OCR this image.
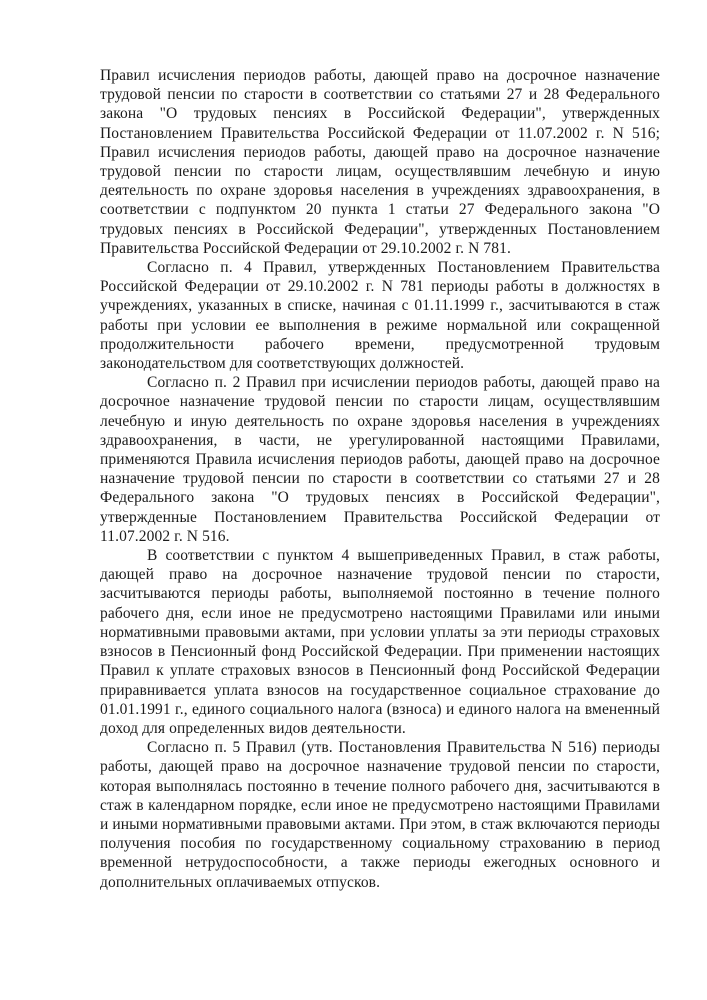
Правил исчисления периодов работы, дающей право на досрочное назначение трудовой пенсии по старости в соответствии со статьями 27 и 28 Федерального закона "О трудовых пенсиях в Российской Федерации", утвержденных Постановлением Правительства Российской Федерации от 11.07.2002 г. N 516; Правил исчисления периодов работы, дающей право на досрочное назначение трудовой пенсии по старости лицам, осуществлявшим лечебную и иную деятельность по охране здоровья населения в учреждениях здравоохранения, в соответствии с подпунктом 20 пункта 1 статьи 27 Федерального закона "О трудовых пенсиях в Российской Федерации", утвержденных Постановлением Правительства Российской Федерации от 29.10.2002 г. N 781.

Согласно п. 4 Правил, утвержденных Постановлением Правительства Российской Федерации от 29.10.2002 г. N 781 периоды работы в должностях в учреждениях, указанных в списке, начиная с 01.11.1999 г., засчитываются в стаж работы при условии ее выполнения в режиме нормальной или сокращенной продолжительности рабочего времени, предусмотренной трудовым законодательством для соответствующих должностей.

Согласно п. 2 Правил при исчислении периодов работы, дающей право на досрочное назначение трудовой пенсии по старости лицам, осуществлявшим лечебную и иную деятельность по охране здоровья населения в учреждениях здравоохранения, в части, не урегулированной настоящими Правилами, применяются Правила исчисления периодов работы, дающей право на досрочное назначение трудовой пенсии по старости в соответствии со статьями 27 и 28 Федерального закона "О трудовых пенсиях в Российской Федерации", утвержденные Постановлением Правительства Российской Федерации от 11.07.2002 г. N 516.

В соответствии с пунктом 4 вышеприведенных Правил, в стаж работы, дающей право на досрочное назначение трудовой пенсии по старости, засчитываются периоды работы, выполняемой постоянно в течение полного рабочего дня, если иное не предусмотрено настоящими Правилами или иными нормативными правовыми актами, при условии уплаты за эти периоды страховых взносов в Пенсионный фонд Российской Федерации. При применении настоящих Правил к уплате страховых взносов в Пенсионный фонд Российской Федерации приравнивается уплата взносов на государственное социальное страхование до 01.01.1991 г., единого социального налога (взноса) и единого налога на вмененный доход для определенных видов деятельности.

Согласно п. 5 Правил (утв. Постановления Правительства N 516) периоды работы, дающей право на досрочное назначение трудовой пенсии по старости, которая выполнялась постоянно в течение полного рабочего дня, засчитываются в стаж в календарном порядке, если иное не предусмотрено настоящими Правилами и иными нормативными правовыми актами. При этом, в стаж включаются периоды получения пособия по государственному социальному страхованию в период временной нетрудоспособности, а также периоды ежегодных основного и дополнительных оплачиваемых отпусков.
